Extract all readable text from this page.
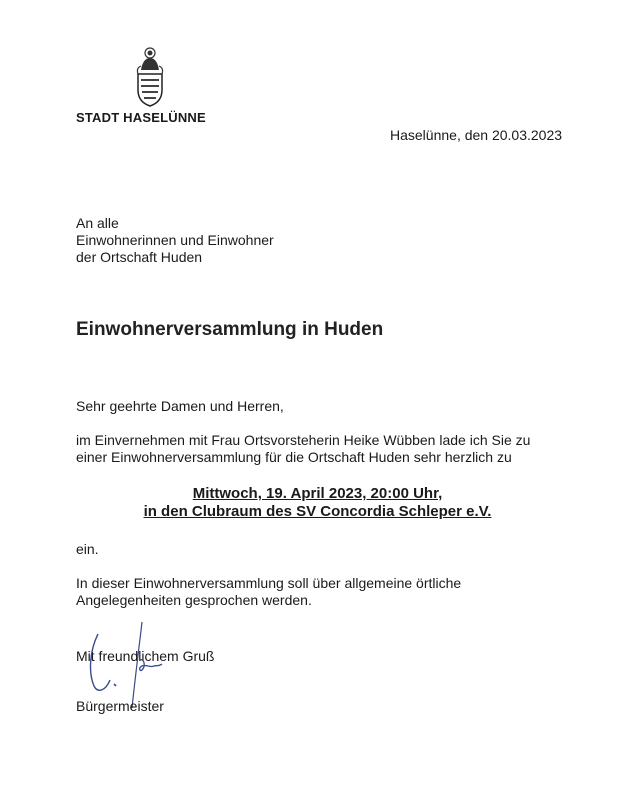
STADT HASELÜNNE
Haselünne, den 20.03.2023
An alle
Einwohnerinnen und Einwohner
der Ortschaft Huden
Einwohnerversammlung in Huden
Sehr geehrte Damen und Herren,
im Einvernehmen mit Frau Ortsvorsteherin Heike Wübben lade ich Sie zu
einer Einwohnerversammlung für die Ortschaft Huden sehr herzlich zu
Mittwoch, 19. April 2023, 20:00 Uhr,
in den Clubraum des SV Concordia Schleper e.V.
ein.
In dieser Einwohnerversammlung soll über allgemeine örtliche
Angelegenheiten gesprochen werden.
Mit freundlichem Gruß
Bürgermeister
